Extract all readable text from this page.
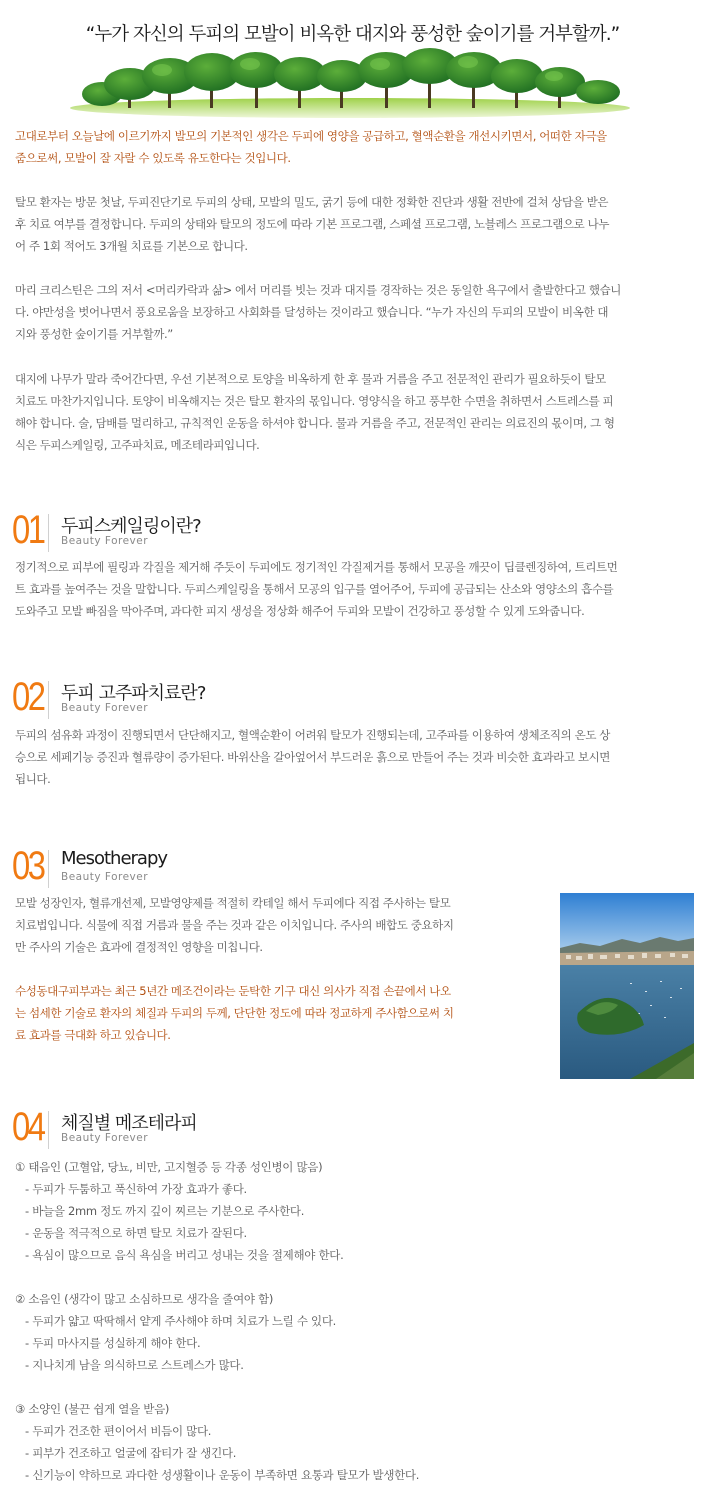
“누가 자신의 두피의 모발이 비옥한 대지와 풍성한 숲이기를 거부할까.”

고대로부터 오늘날에 이르기까지 발모의 기본적인 생각은 두피에 영양을 공급하고, 혈액순환을 개선시키면서, 어떠한 자극을
줌으로써, 모발이 잘 자랄 수 있도록 유도한다는 것입니다.

탈모 환자는 방문 첫날, 두피진단기로 두피의 상태, 모발의 밀도, 굵기 등에 대한 정확한 진단과 생활 전반에 걸쳐 상담을 받은
후 치료 여부를 결정합니다. 두피의 상태와 탈모의 정도에 따라 기본 프로그램, 스페셜 프로그램, 노블레스 프로그램으로 나누
어 주 1회 적어도 3개월 치료를 기본으로 합니다.

마리 크리스틴은 그의 저서 <머리카락과 삶> 에서 머리를 빗는 것과 대지를 경작하는 것은 동일한 욕구에서 출발한다고 했습니
다. 야만성을 벗어나면서 풍요로움을 보장하고 사회화를 달성하는 것이라고 했습니다. “누가 자신의 두피의 모발이 비옥한 대
지와 풍성한 숲이기를 거부할까.”

대지에 나무가 말라 죽어간다면, 우선 기본적으로 토양을 비옥하게 한 후 물과 거름을 주고 전문적인 관리가 필요하듯이 탈모
치료도 마찬가지입니다. 토양이 비옥해지는 것은 탈모 환자의 몫입니다. 영양식을 하고 풍부한 수면을 취하면서 스트레스를 피
해야 합니다. 술, 담배를 멀리하고, 규칙적인 운동을 하셔야 합니다. 물과 거름을 주고, 전문적인 관리는 의료진의 몫이며, 그 형
식은 두피스케일링, 고주파치료, 메조테라피입니다.

01 두피스케일링이란?
Beauty Forever

정기적으로 피부에 필링과 각질을 제거해 주듯이 두피에도 정기적인 각질제거를 통해서 모공을 깨끗이 딥클렌징하여, 트리트먼
트 효과를 높여주는 것을 말합니다. 두피스케일링을 통해서 모공의 입구를 열어주어, 두피에 공급되는 산소와 영양소의 흡수를
도와주고 모발 빠짐을 막아주며, 과다한 피지 생성을 정상화 해주어 두피와 모발이 건강하고 풍성할 수 있게 도와줍니다.

02 두피 고주파치료란?
Beauty Forever

두피의 섬유화 과정이 진행되면서 단단해지고, 혈액순환이 어려워 탈모가 진행되는데, 고주파를 이용하여 생체조직의 온도 상
승으로 세페기능 증진과 혈류량이 증가된다. 바위산을 갈아엎어서 부드러운 흙으로 만들어 주는 것과 비슷한 효과라고 보시면
됩니다.

03 Mesotherapy
Beauty Forever

모발 성장인자, 혈류개선제, 모발영양제를 적절히 칵테일 해서 두피에다 직접 주사하는 탈모
치료법입니다. 식물에 직접 거름과 물을 주는 것과 같은 이치입니다. 주사의 배합도 중요하지
만 주사의 기술은 효과에 결정적인 영향을 미칩니다.

수성동대구피부과는 최근 5년간 메조건이라는 둔탁한 기구 대신 의사가 직접 손끝에서 나오
는 섬세한 기술로 환자의 체질과 두피의 두께, 단단한 정도에 따라 정교하게 주사함으로써 치
료 효과를 극대화 하고 있습니다.

04 체질별 메조테라피
Beauty Forever
① 태음인 (고혈압, 당뇨, 비만, 고지혈증 등 각종 성인병이 많음)
- 두피가 두툼하고 푹신하여 가장 효과가 좋다.
- 바늘을 2mm 정도 까지 깊이 찌르는 기분으로 주사한다.
- 운동을 적극적으로 하면 탈모 치료가 잘된다.
- 욕심이 많으므로 음식 욕심을 버리고 성내는 것을 절제해야 한다.
② 소음인 (생각이 많고 소심하므로 생각을 줄여야 함)
- 두피가 얇고 딱딱해서 얕게 주사해야 하며 치료가 느릴 수 있다.
- 두피 마사지를 성실하게 해야 한다.
- 지나치게 남을 의식하므로 스트레스가 많다.
③ 소양인 (불끈 쉽게 열을 받음)
- 두피가 건조한 편이어서 비듬이 많다.
- 피부가 건조하고 얼굴에 잡티가 잘 생긴다.
- 신기능이 약하므로 과다한 성생활이나 운동이 부족하면 요통과 탈모가 발생한다.
